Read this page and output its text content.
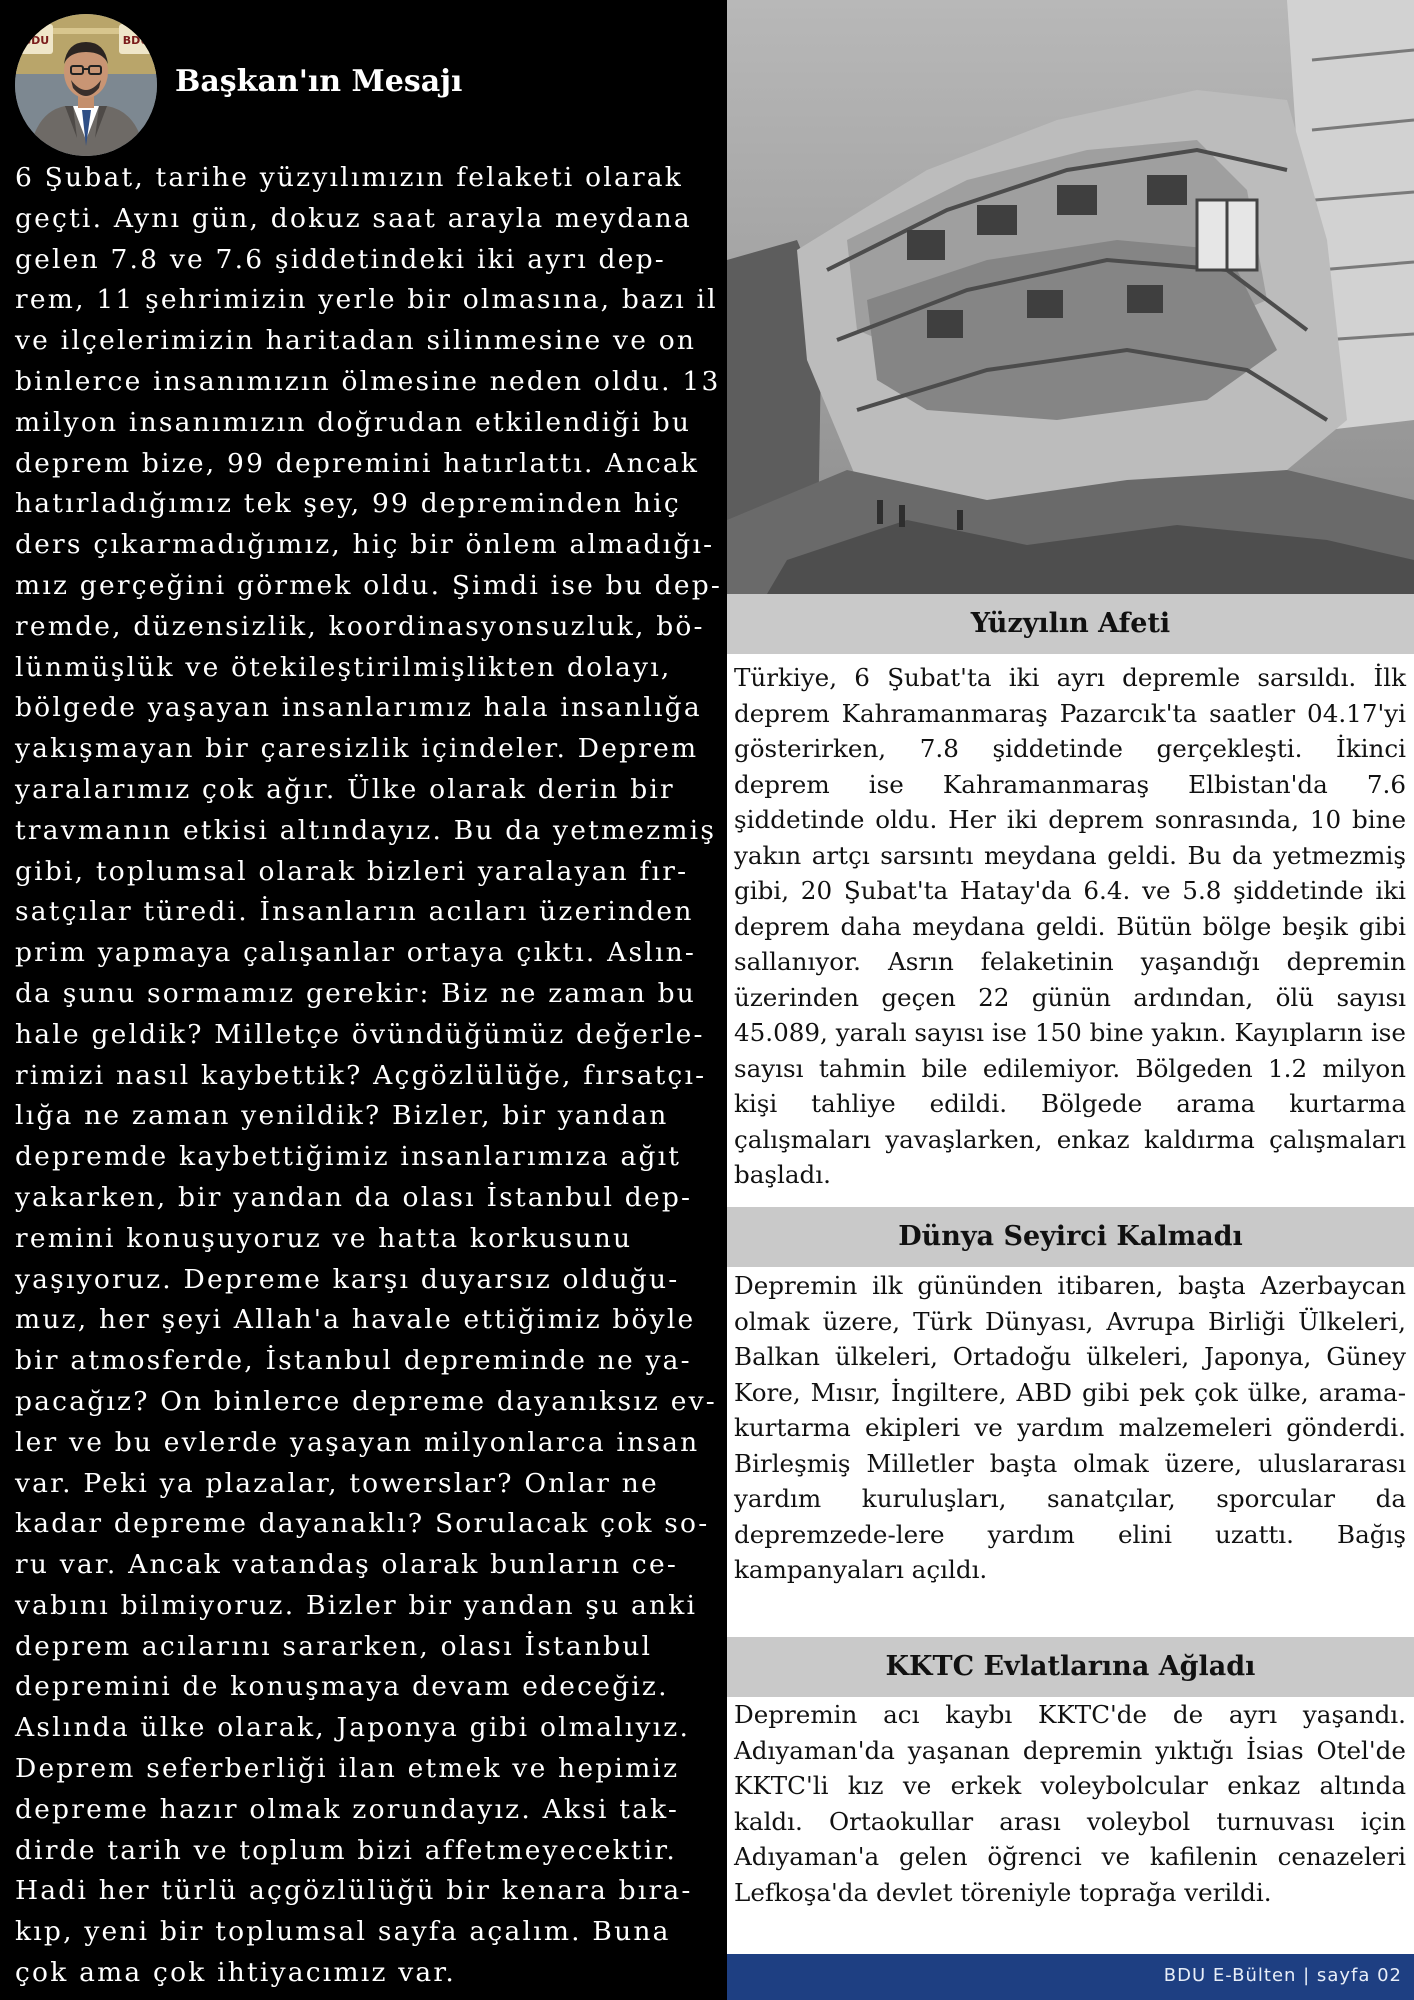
BDU	BDU
Başkan'ın Mesajı
6 Şubat, tarihe yüzyılımızın felaketi olarak
geçti. Aynı gün, dokuz saat arayla meydana
gelen 7.8 ve 7.6 şiddetindeki iki ayrı dep-
rem, 11 şehrimizin yerle bir olmasına, bazı il
ve ilçelerimizin haritadan silinmesine ve on
binlerce insanımızın ölmesine neden oldu. 13
milyon insanımızın doğrudan etkilendiği bu
deprem bize, 99 depremini hatırlattı. Ancak
hatırladığımız tek şey, 99 depreminden hiç
ders çıkarmadığımız, hiç bir önlem almadığı-
mız gerçeğini görmek oldu. Şimdi ise bu dep-
remde, düzensizlik, koordinasyonsuzluk, bö-
lünmüşlük ve ötekileştirilmişlikten dolayı,
bölgede yaşayan insanlarımız hala insanlığa
yakışmayan bir çaresizlik içindeler. Deprem
yaralarımız çok ağır. Ülke olarak derin bir
travmanın etkisi altındayız. Bu da yetmezmiş
gibi, toplumsal olarak bizleri yaralayan fır-
satçılar türedi. İnsanların acıları üzerinden
prim yapmaya çalışanlar ortaya çıktı. Aslın-
da şunu sormamız gerekir: Biz ne zaman bu
hale geldik? Milletçe övündüğümüz değerle-
rimizi nasıl kaybettik? Açgözlülüğe, fırsatçı-
lığa ne zaman yenildik? Bizler, bir yandan
depremde kaybettiğimiz insanlarımıza ağıt
yakarken, bir yandan da olası İstanbul dep-
remini konuşuyoruz ve hatta korkusunu
yaşıyoruz. Depreme karşı duyarsız olduğu-
muz, her şeyi Allah'a havale ettiğimiz böyle
bir atmosferde, İstanbul depreminde ne ya-
pacağız? On binlerce depreme dayanıksız ev-
ler ve bu evlerde yaşayan milyonlarca insan
var. Peki ya plazalar, towerslar? Onlar ne
kadar depreme dayanaklı? Sorulacak çok so-
ru var. Ancak vatandaş olarak bunların ce-
vabını bilmiyoruz. Bizler bir yandan şu anki
deprem acılarını sararken, olası İstanbul
depremini de konuşmaya devam edeceğiz.
Aslında ülke olarak, Japonya gibi olmalıyız.
Deprem seferberliği ilan etmek ve hepimiz
depreme hazır olmak zorundayız. Aksi tak-
dirde tarih ve toplum bizi affetmeyecektir.
Hadi her türlü açgözlülüğü bir kenara bıra-
kıp, yeni bir toplumsal sayfa açalım. Buna
çok ama çok ihtiyacımız var.
Yüzyılın Afeti

Türkiye, 6 Şubat'ta iki ayrı depremle sarsıldı. İlk deprem Kahramanmaraş Pazarcık'ta saatler 04.17'yi gösterirken, 7.8 şiddetinde gerçekleşti. İkinci deprem ise Kahramanmaraş Elbistan'da 7.6 şiddetinde oldu. Her iki deprem sonrasında, 10 bine yakın artçı sarsıntı meydana geldi. Bu da yetmezmiş gibi, 20 Şubat'ta Hatay'da 6.4. ve 5.8 şiddetinde iki deprem daha meydana geldi. Bütün bölge beşik gibi sallanıyor. Asrın felaketinin yaşandığı depremin üzerinden geçen 22 günün ardından, ölü sayısı 45.089, yaralı sayısı ise 150 bine yakın. Kayıpların ise sayısı tahmin bile edilemiyor. Bölgeden 1.2 milyon kişi tahliye edildi. Bölgede arama kurtarma çalışmaları yavaşlarken, enkaz kaldırma çalışmaları başladı.

Dünya Seyirci Kalmadı

Depremin ilk gününden itibaren, başta Azerbaycan olmak üzere, Türk Dünyası, Avrupa Birliği Ülkeleri, Balkan ülkeleri, Ortadoğu ülkeleri, Japonya, Güney Kore, Mısır, İngiltere, ABD gibi pek çok ülke, arama-kurtarma ekipleri ve yardım malzemeleri gönderdi. Birleşmiş Milletler başta olmak üzere, uluslararası yardım kuruluşları, sanatçılar, sporcular da depremzede-lere yardım elini uzattı. Bağış kampanyaları açıldı.

KKTC Evlatlarına Ağladı

Depremin acı kaybı KKTC'de de ayrı yaşandı. Adıyaman'da yaşanan depremin yıktığı İsias Otel'de KKTC'li kız ve erkek voleybolcular enkaz altında kaldı. Ortaokullar arası voleybol turnuvası için Adıyaman'a gelen öğrenci ve kafilenin cenazeleri Lefkoşa'da devlet töreniyle toprağa verildi.

BDU E-Bülten | sayfa 02
